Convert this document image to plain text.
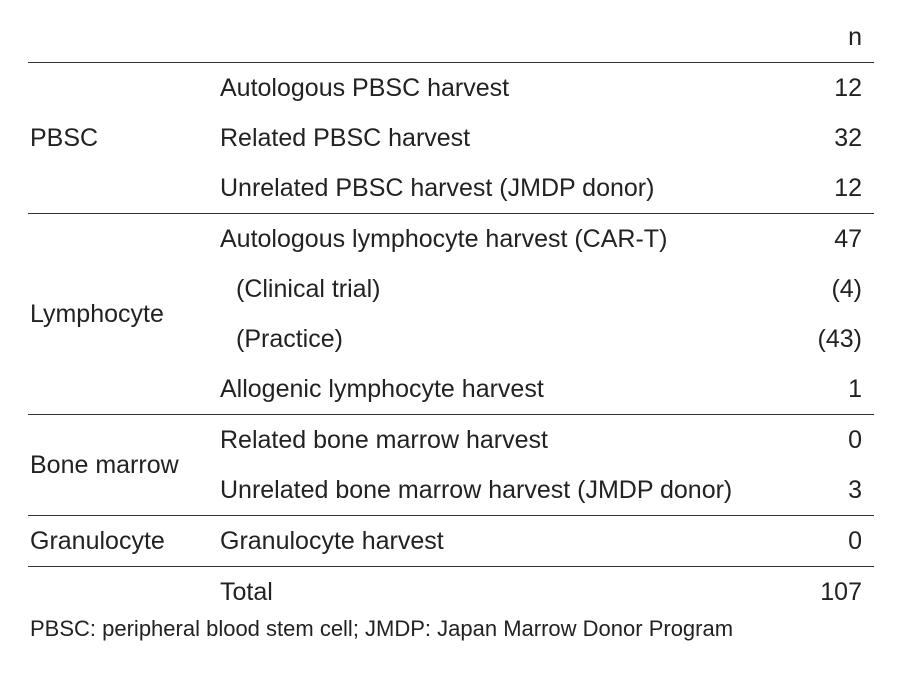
		n
PBSC	Autologous PBSC harvest	12
	Related PBSC harvest	32
	Unrelated PBSC harvest (JMDP donor)	12
Lymphocyte	Autologous lymphocyte harvest (CAR-T)	47
	(Clinical trial)	(4)
	(Practice)	(43)
	Allogenic lymphocyte harvest	1
Bone marrow	Related bone marrow harvest	0
	Unrelated bone marrow harvest (JMDP donor)	3
Granulocyte	Granulocyte harvest	0
	Total	107
PBSC: peripheral blood stem cell; JMDP: Japan Marrow Donor Program
